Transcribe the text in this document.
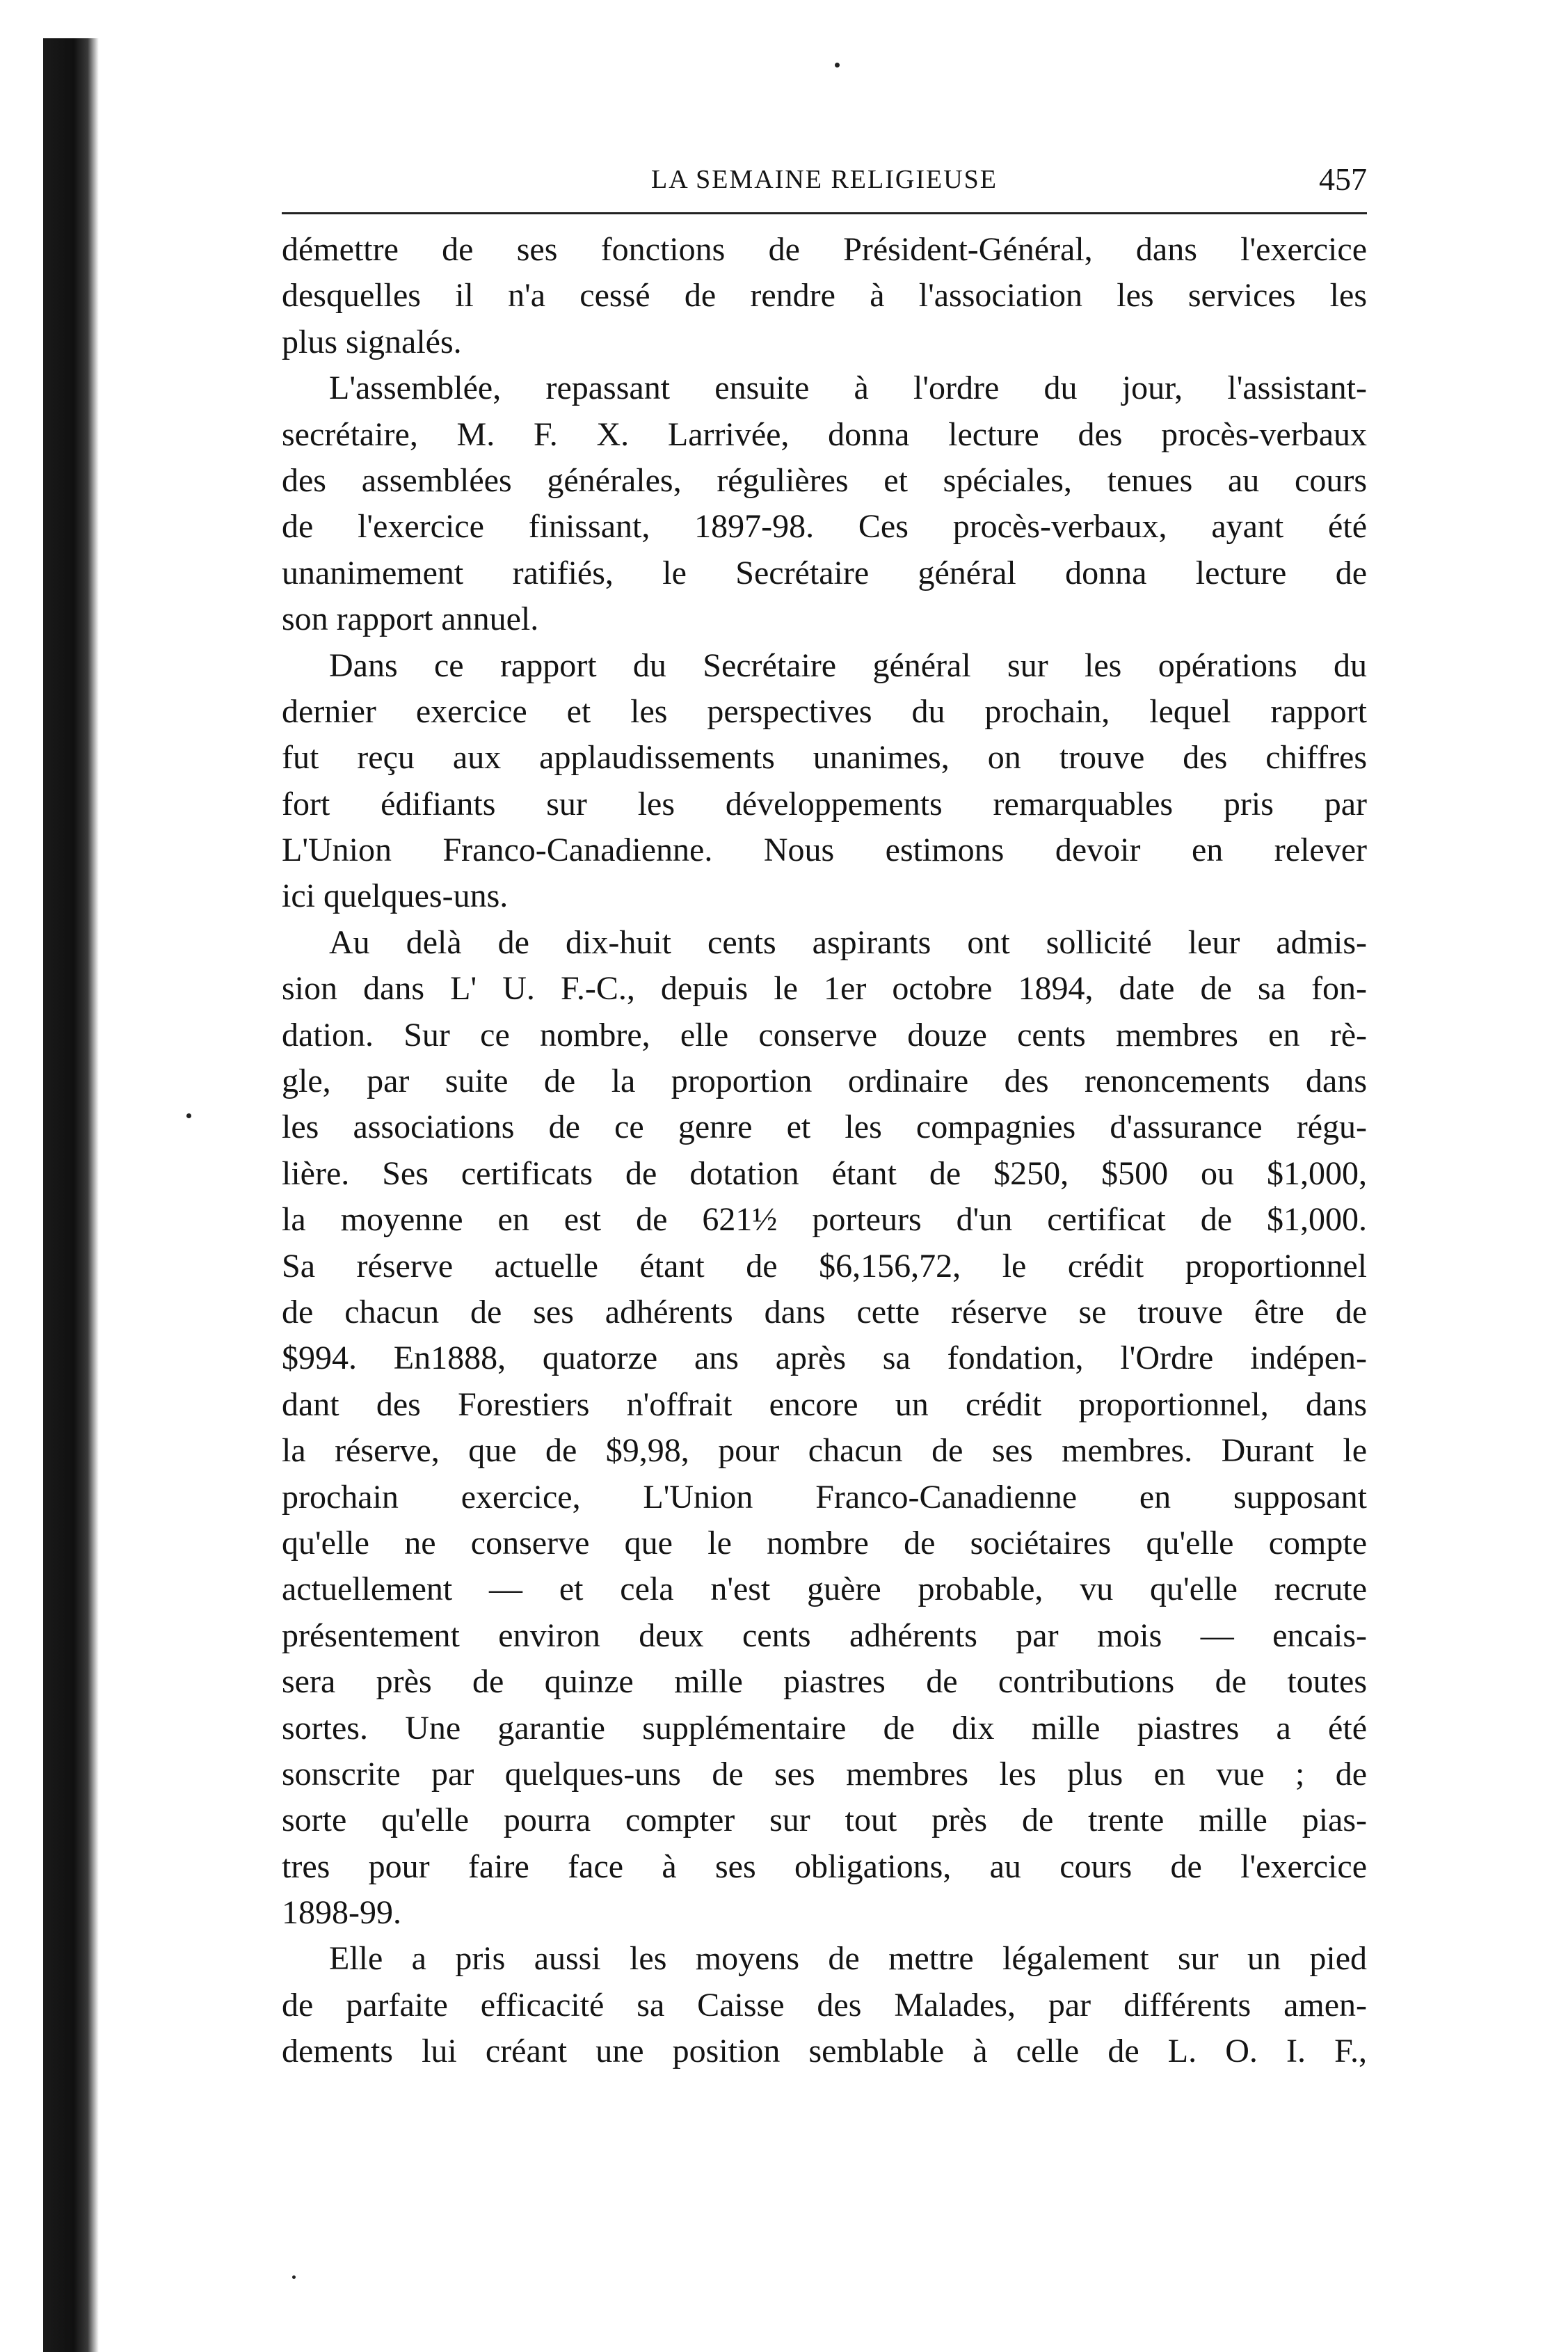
LA SEMAINE RELIGIEUSE	457
démettre de ses fonctions de Président-Général, dans l'exercice
desquelles il n'a cessé de rendre à l'association les services les
plus signalés.
L'assemblée, repassant ensuite à l'ordre du jour, l'assistant-
secrétaire, M. F. X. Larrivée, donna lecture des procès-verbaux
des assemblées générales, régulières et spéciales, tenues au cours
de l'exercice finissant, 1897-98. Ces procès-verbaux, ayant été
unanimement ratifiés, le Secrétaire général donna lecture de
son rapport annuel.
Dans ce rapport du Secrétaire général sur les opérations du
dernier exercice et les perspectives du prochain, lequel rapport
fut reçu aux applaudissements unanimes, on trouve des chiffres
fort édifiants sur les développements remarquables pris par
L'Union Franco-Canadienne. Nous estimons devoir en relever
ici quelques-uns.
Au delà de dix-huit cents aspirants ont sollicité leur admis-
sion dans L' U. F.-C., depuis le 1er octobre 1894, date de sa fon-
dation. Sur ce nombre, elle conserve douze cents membres en rè-
gle, par suite de la proportion ordinaire des renoncements dans
les associations de ce genre et les compagnies d'assurance régu-
lière. Ses certificats de dotation étant de $250, $500 ou $1,000,
la moyenne en est de 621½ porteurs d'un certificat de $1,000.
Sa réserve actuelle étant de $6,156,72, le crédit proportionnel
de chacun de ses adhérents dans cette réserve se trouve être de
$994. En1888, quatorze ans après sa fondation, l'Ordre indépen-
dant des Forestiers n'offrait encore un crédit proportionnel, dans
la réserve, que de $9,98, pour chacun de ses membres. Durant le
prochain exercice, L'Union Franco-Canadienne en supposant
qu'elle ne conserve que le nombre de sociétaires qu'elle compte
actuellement — et cela n'est guère probable, vu qu'elle recrute
présentement environ deux cents adhérents par mois — encais-
sera près de quinze mille piastres de contributions de toutes
sortes. Une garantie supplémentaire de dix mille piastres a été
sonscrite par quelques-uns de ses membres les plus en vue ; de
sorte qu'elle pourra compter sur tout près de trente mille pias-
tres pour faire face à ses obligations, au cours de l'exercice
1898-99.
Elle a pris aussi les moyens de mettre légalement sur un pied
de parfaite efficacité sa Caisse des Malades, par différents amen-
dements lui créant une position semblable à celle de L. O. I. F.,
